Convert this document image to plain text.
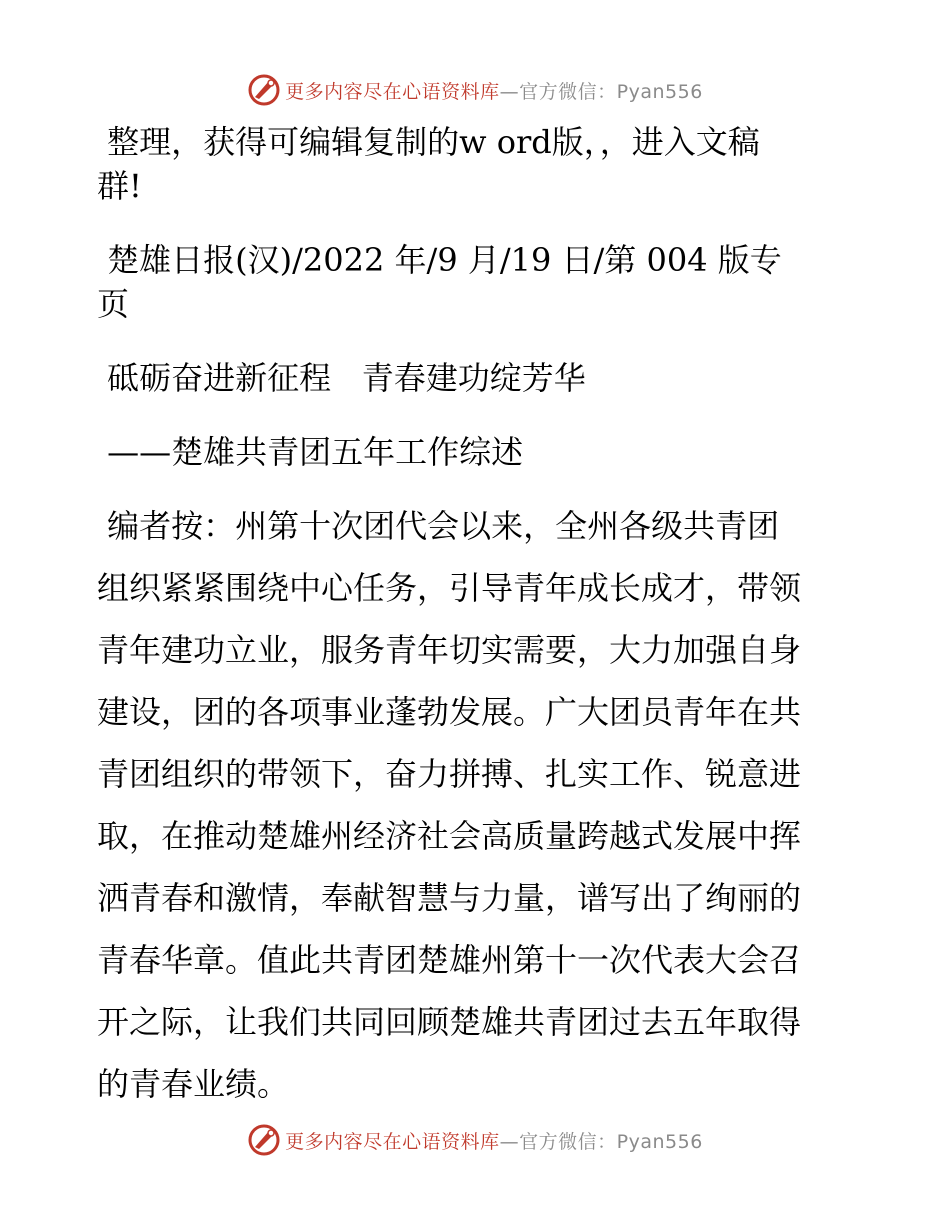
更多内容尽在心语资料库 —官方微信：Pyan556
整理，获得可编辑复制的w ord版，，进入文稿
群!
楚雄日报(汉)/2022 年/9 月/19 日/第 004 版专
页
砥砺奋进新征程   青春建功绽芳华
——楚雄共青团五年工作综述
编者按：州第十次团代会以来，全州各级共青团
组织紧紧围绕中心任务，引导青年成长成才，带领
青年建功立业，服务青年切实需要，大力加强自身
建设，团的各项事业蓬勃发展。广大团员青年在共
青团组织的带领下，奋力拼搏、扎实工作、锐意进
取，在推动楚雄州经济社会高质量跨越式发展中挥
洒青春和激情，奉献智慧与力量，谱写出了绚丽的
青春华章。值此共青团楚雄州第十一次代表大会召
开之际，让我们共同回顾楚雄共青团过去五年取得
的青春业绩。
更多内容尽在心语资料库 —官方微信：Pyan556
